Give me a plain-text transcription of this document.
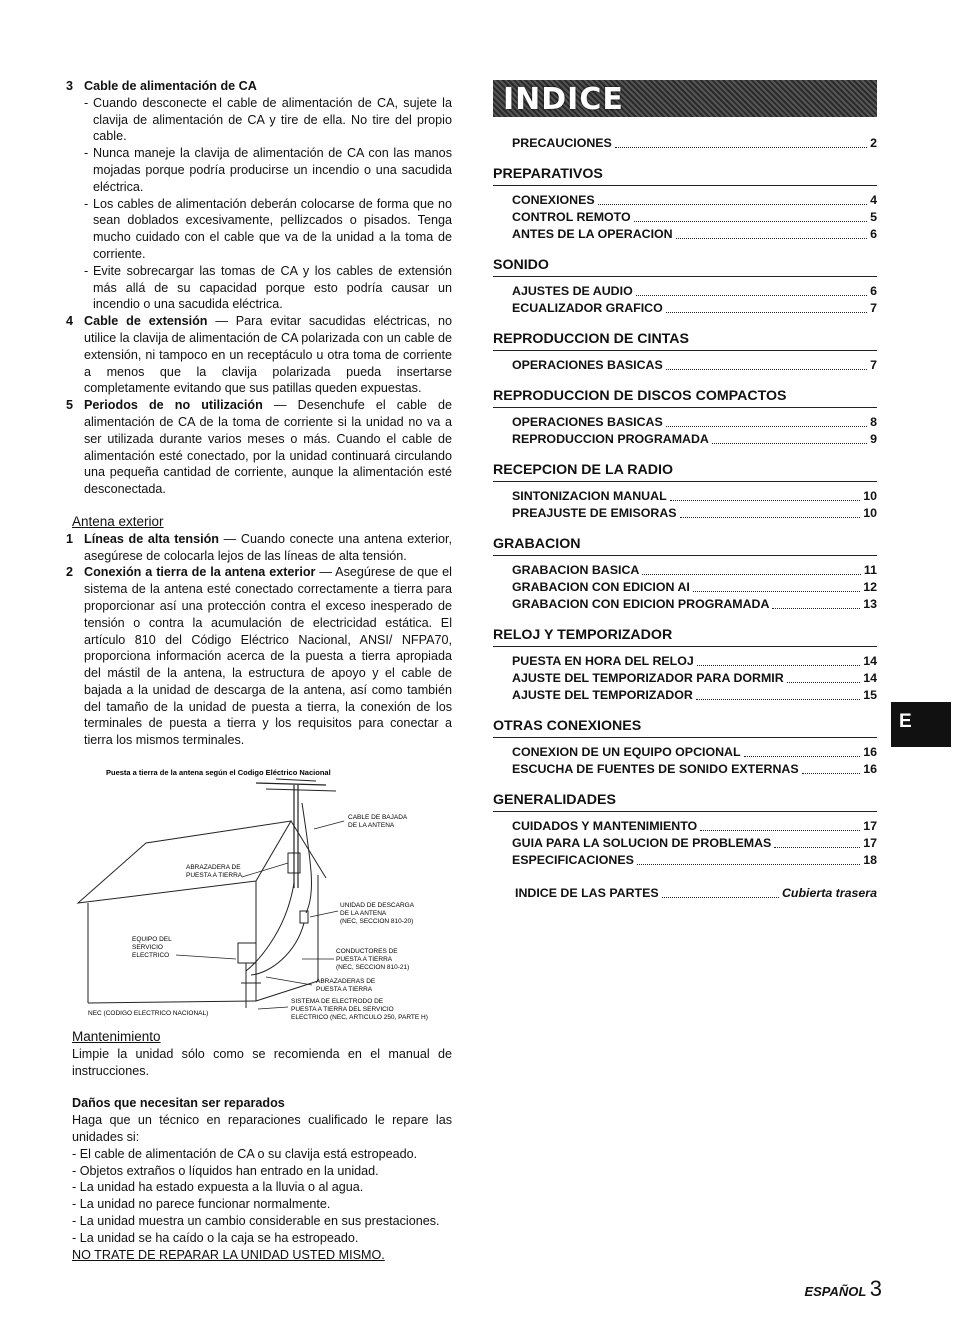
3 Cable de alimentación de CA
- Cuando desconecte el cable de alimentación de CA, sujete la clavija de alimentación de CA y tire de ella. No tire del propio cable.
- Nunca maneje la clavija de alimentación de CA con las manos mojadas porque podría producirse un incendio o una sacudida eléctrica.
- Los cables de alimentación deberán colocarse de forma que no sean doblados excesivamente, pellizcados o pisados. Tenga mucho cuidado con el cable que va de la unidad a la toma de corriente.
- Evite sobrecargar las tomas de CA y los cables de extensión más allá de su capacidad porque esto podría causar un incendio o una sacudida eléctrica.
4 Cable de extensión — Para evitar sacudidas eléctricas, no utilice la clavija de alimentación de CA polarizada con un cable de extensión, ni tampoco en un receptáculo u otra toma de corriente a menos que la clavija polarizada pueda insertarse completamente evitando que sus patillas queden expuestas.
5 Periodos de no utilización — Desenchufe el cable de alimentación de CA de la toma de corriente si la unidad no va a ser utilizada durante varios meses o más. Cuando el cable de alimentación esté conectado, por la unidad continuará circulando una pequeña cantidad de corriente, aunque la alimentación esté desconectada.
Antena exterior
1 Líneas de alta tensión — Cuando conecte una antena exterior, asegúrese de colocarla lejos de las líneas de alta tensión.
2 Conexión a tierra de la antena exterior — Asegúrese de que el sistema de la antena esté conectado correctamente a tierra para proporcionar así una protección contra el exceso inesperado de tensión o contra la acumulación de electricidad estática. El artículo 810 del Código Eléctrico Nacional, ANSI/ NFPA70, proporciona información acerca de la puesta a tierra apropiada del mástil de la antena, la estructura de apoyo y el cable de bajada a la unidad de descarga de la antena, así como también del tamaño de la unidad de puesta a tierra, la conexión de los terminales de puesta a tierra y los requisitos para conectar a tierra los mismos terminales.
Puesta a tierra de la antena según el Codigo Eléctrico Nacional
CABLE DE BAJADA
DE LA ANTENA
ABRAZADERA DE
PUESTA A TIERRA
UNIDAD DE DESCARGA
DE LA ANTENA
(NEC, SECCION 810-20)
EQUIPO DEL
SERVICIO
ELECTRICO
CONDUCTORES DE
PUESTA A TIERRA
(NEC, SECCION 810-21)
ABRAZADERAS DE
PUESTA A TIERRA
NEC (CODIGO ELECTRICO NACIONAL)
SISTEMA DE ELECTRODO DE
PUESTA A TIERRA DEL SERVICIO
ELECTRICO (NEC, ARTICULO 250, PARTE H)
Mantenimiento
Limpie la unidad sólo como se recomienda en el manual de instrucciones.
Daños que necesitan ser reparados
Haga que un técnico en reparaciones cualificado le repare las unidades si:
- El cable de alimentación de CA o su clavija está estropeado.
- Objetos extraños o líquidos han entrado en la unidad.
- La unidad ha estado expuesta a la lluvia o al agua.
- La unidad no parece funcionar normalmente.
- La unidad muestra un cambio considerable en sus prestaciones.
- La unidad se ha caído o la caja se ha estropeado.
NO TRATE DE REPARAR LA UNIDAD USTED MISMO.
INDICE
PRECAUCIONES	2
PREPARATIVOS
CONEXIONES	4
CONTROL REMOTO	5
ANTES DE LA OPERACION	6
SONIDO
AJUSTES DE AUDIO	6
ECUALIZADOR GRAFICO	7
REPRODUCCION DE CINTAS
OPERACIONES BASICAS	7
REPRODUCCION DE DISCOS COMPACTOS
OPERACIONES BASICAS	8
REPRODUCCION PROGRAMADA	9
RECEPCION DE LA RADIO
SINTONIZACION MANUAL	10
PREAJUSTE DE EMISORAS	10
GRABACION
GRABACION BASICA	11
GRABACION CON EDICION AI	12
GRABACION CON EDICION PROGRAMADA	13
RELOJ Y TEMPORIZADOR
PUESTA EN HORA DEL RELOJ	14
AJUSTE DEL TEMPORIZADOR PARA DORMIR	14
AJUSTE DEL TEMPORIZADOR	15
OTRAS CONEXIONES
CONEXION DE UN EQUIPO OPCIONAL	16
ESCUCHA DE FUENTES DE SONIDO EXTERNAS	16
GENERALIDADES
CUIDADOS Y MANTENIMIENTO	17
GUIA PARA LA SOLUCION DE PROBLEMAS	17
ESPECIFICACIONES	18
INDICE DE LAS PARTES	Cubierta trasera
E
ESPAÑOL 3
